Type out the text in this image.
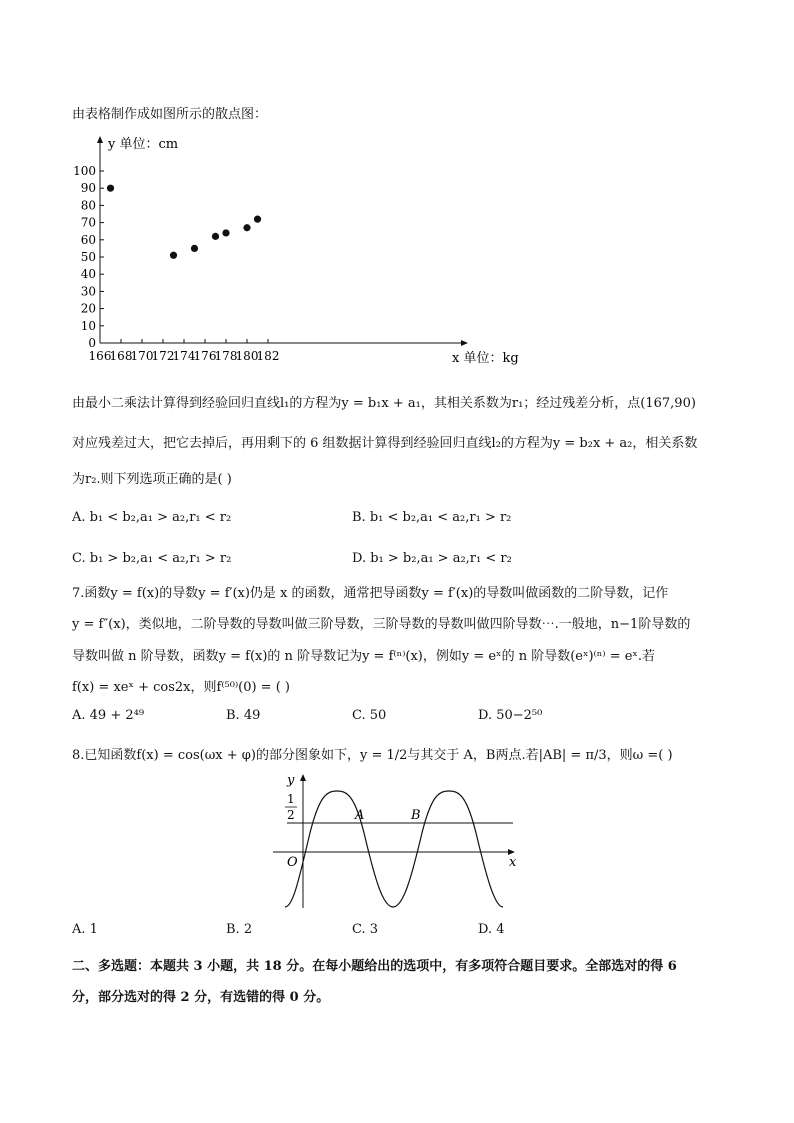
由表格制作成如图所示的散点图：
0
10
20
30
40
50
60
70
80
90
100
166
168
170
172
174
176
178
180
182
y 单位：cm
x 单位：kg
由最小二乘法计算得到经验回归直线l₁的方程为y = b₁x + a₁，其相关系数为r₁；经过残差分析，点(167,90)
对应残差过大，把它去掉后，再用剩下的 6 组数据计算得到经验回归直线l₂的方程为y = b₂x + a₂，相关系数
为r₂.则下列选项正确的是( )
A. b₁ < b₂,a₁ > a₂,r₁ < r₂	B. b₁ < b₂,a₁ < a₂,r₁ > r₂
C. b₁ > b₂,a₁ < a₂,r₁ > r₂	D. b₁ > b₂,a₁ > a₂,r₁ < r₂
7.函数y = f(x)的导数y = f′(x)仍是 x 的函数，通常把导函数y = f′(x)的导数叫做函数的二阶导数，记作
y = f″(x)，类似地，二阶导数的导数叫做三阶导数，三阶导数的导数叫做四阶导数⋯.一般地，n−1阶导数的
导数叫做 n 阶导数，函数y = f(x)的 n 阶导数记为y = f⁽ⁿ⁾(x)，例如y = eˣ的 n 阶导数(eˣ)⁽ⁿ⁾ = eˣ.若
f(x) = xeˣ + cos2x，则f⁽⁵⁰⁾(0) = ( )
A. 49 + 2⁴⁹	B. 49	C. 50	D. 50−2⁵⁰
8.已知函数f(x) = cos(ωx + φ)的部分图象如下，y = 1/2与其交于 A，B两点.若|AB| = π/3，则ω =( )
y
x
O
1
2	A	B
A. 1	B. 2	C. 3	D. 4
二、多选题：本题共 3 小题，共 18 分。在每小题给出的选项中，有多项符合题目要求。全部选对的得 6
分，部分选对的得 2 分，有选错的得 0 分。
